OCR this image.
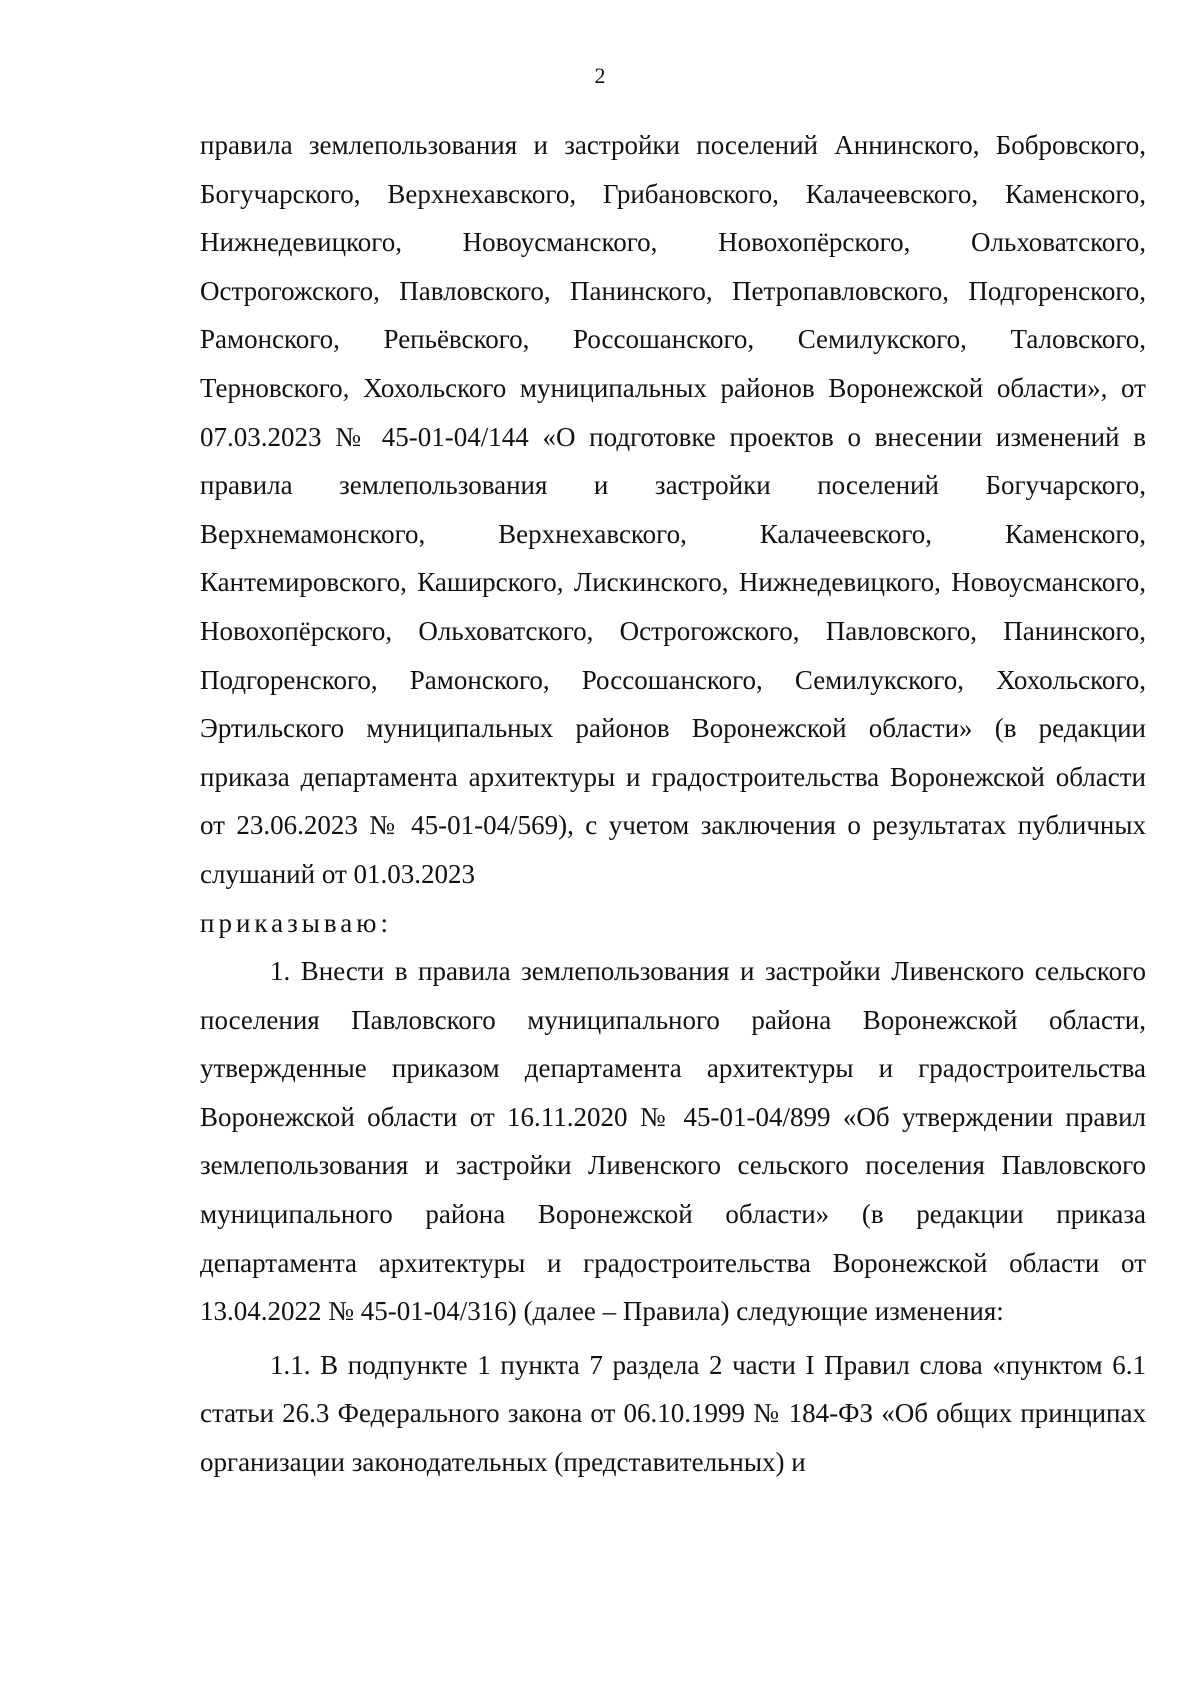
2

правила землепользования и застройки поселений Аннинского, Бобровского, Богучарского, Верхнехавского, Грибановского, Калачеевского, Каменского, Нижнедевицкого, Новоусманского, Новохопёрского, Ольховатского, Острогожского, Павловского, Панинского, Петропавловского, Подгоренского, Рамонского, Репьёвского, Россошанского, Семилукского, Таловского, Терновского, Хохольского муниципальных районов Воронежской области», от 07.03.2023 № 45-01-04/144 «О подготовке проектов о внесении изменений в правила землепользования и застройки поселений Богучарского, Верхнемамонского, Верхнехавского, Калачеевского, Каменского, Кантемировского, Каширского, Лискинского, Нижнедевицкого, Новоусманского, Новохопёрского, Ольховатского, Острогожского, Павловского, Панинского, Подгоренского, Рамонского, Россошанского, Семилукского, Хохольского, Эртильского муниципальных районов Воронежской области» (в редакции приказа департамента архитектуры и градостроительства Воронежской области от 23.06.2023 № 45-01-04/569), с учетом заключения о результатах публичных слушаний от 01.03.2023

приказываю:

1. Внести в правила землепользования и застройки Ливенского сельского поселения Павловского муниципального района Воронежской области, утвержденные приказом департамента архитектуры и градостроительства Воронежской области от 16.11.2020 № 45-01-04/899 «Об утверждении правил землепользования и застройки Ливенского сельского поселения Павловского муниципального района Воронежской области» (в редакции приказа департамента архитектуры и градостроительства Воронежской области от 13.04.2022 № 45-01-04/316) (далее – Правила) следующие изменения:

1.1. В подпункте 1 пункта 7 раздела 2 части I Правил слова «пунктом 6.1 статьи 26.3 Федерального закона от 06.10.1999 № 184-ФЗ «Об общих принципах организации законодательных (представительных) и
